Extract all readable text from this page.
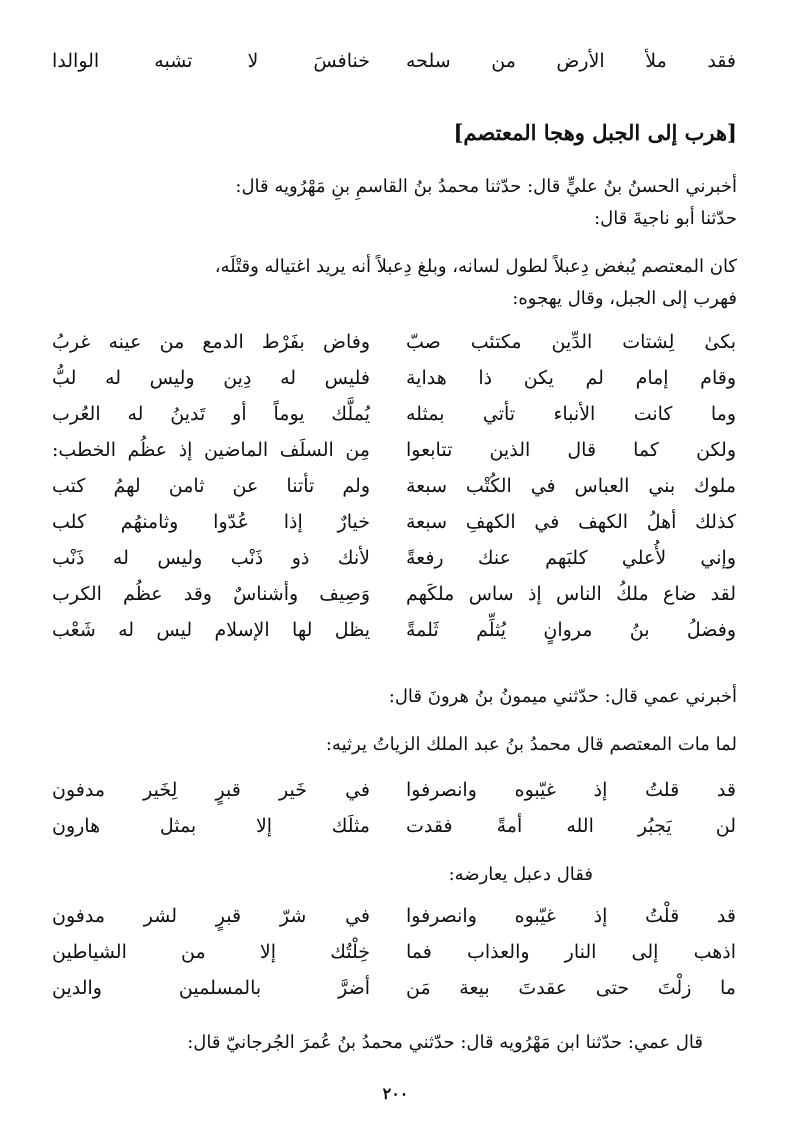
فقد ملأ الأرض من سلحه
خنافسَ لا تشبه الوالدا
[هرب إلى الجبل وهجا المعتصم]
أخبرني الحسنُ بنُ عليٍّ قال: حدّثنا محمدُ بنُ القاسمِ بنِ مَهْرُويه قال:
حدّثنا أبو ناجيةَ قال:
كان المعتصم يُبغض دِعبلاً لطول لسانه، وبلغ دِعبلاً أنه يريد اغتياله وقتْلَه،
فهرب إلى الجبل، وقال يهجوه:
بكىٰ لِشتات الدِّين مكتئب صبّ
وفاض بفَرْط الدمع من عينه غربُ
وقام إمام لم يكن ذا هداية
فليس له دِين وليس له لبُّ
وما كانت الأنباء تأتي بمثله
يُملَّك يوماً أو تَدينُ له العُرب
ولكن كما قال الذين تتابعوا
مِن السلَف الماضين إذ عظُم الخطب:
ملوك بني العباس في الكُتْب سبعة
ولم تأتنا عن ثامن لهمُ كتب
كذلك أهلُ الكهف في الكهفِ سبعة
خيارٌ إذا عُدّوا وثامنهُم كلب
وإني لأُعلي كلبَهم عنك رفعةً
لأنك ذو ذَنْب وليس له ذَنْب
لقد ضاع ملكُ الناس إذ ساس ملكَهم
وَصِيف وأشناسٌ وقد عظُم الكرب
وفضلُ بنُ مروانٍ يُثلِّم ثَلمةً
يظل لها الإسلام ليس له شَعْب
أخبرني عمي قال: حدّثني ميمونُ بنُ هرونَ قال:
لما مات المعتصم قال محمدُ بنُ عبد الملك الزياتُ يرثيه:
قد قلتُ إذ غيّبوه وانصرفوا
في خَير قبرٍ لِخَير مدفون
لن يَجبُر الله أمةً فقدت
مثلَك إلا بمثل هارون
فقال دعبل يعارضه:
قد قلْتُ إذ غيّبوه وانصرفوا
في شرّ قبرٍ لشر مدفون
اذهب إلى النار والعذاب فما
خِلْتُك إلا من الشياطين
ما زلْتَ حتى عقدتَ بيعة مَن
أضرَّ بالمسلمين والدين
قال عمي: حدّثنا ابن مَهْرُويه قال: حدّثني محمدُ بنُ عُمرَ الجُرجانيّ قال:
٢٠٠
